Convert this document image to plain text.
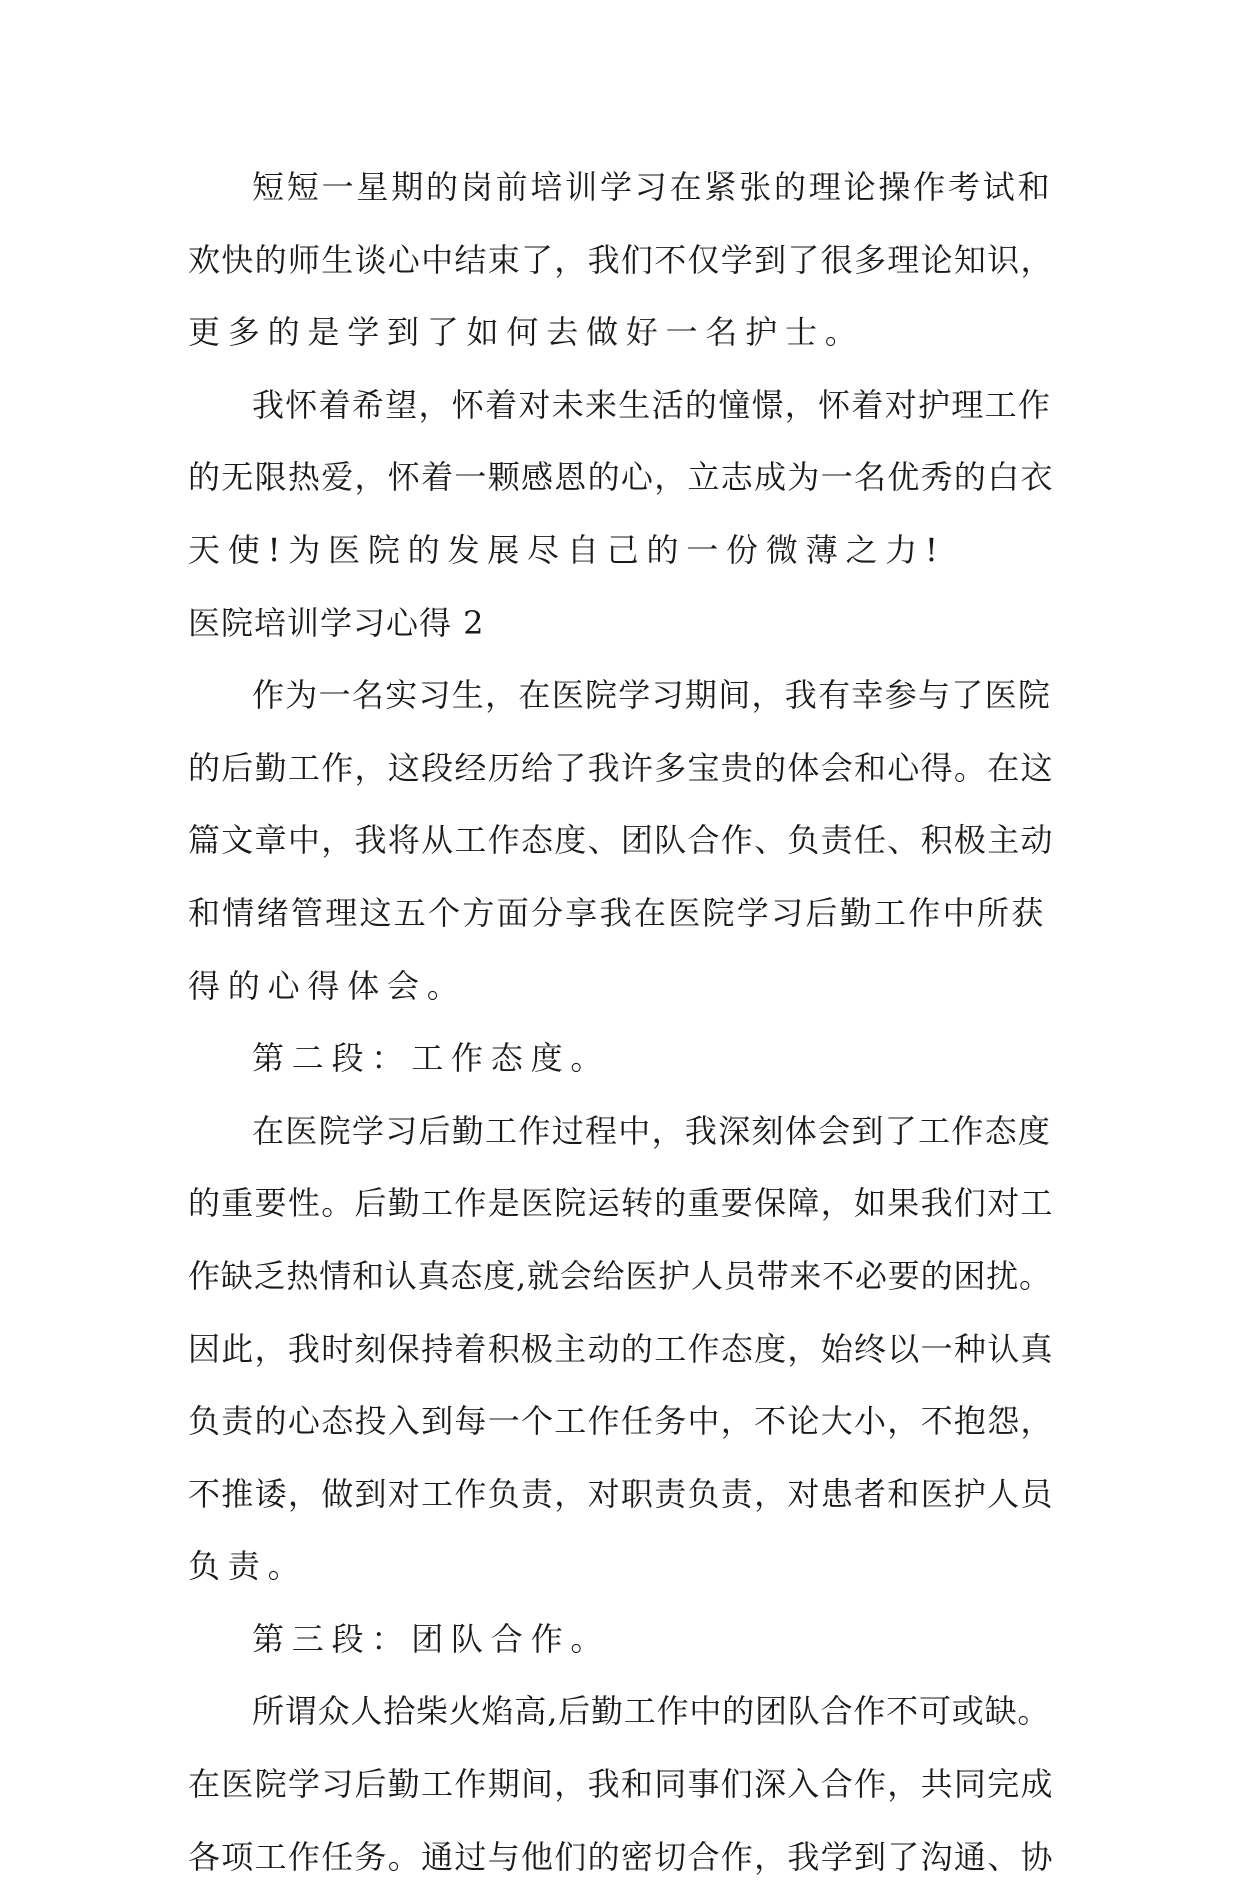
短短一星期的岗前培训学习在紧张的理论操作考试和

欢快的师生谈心中结束了，我们不仅学到了很多理论知识，

更多的是学到了如何去做好一名护士。

我怀着希望，怀着对未来生活的憧憬，怀着对护理工作

的无限热爱，怀着一颗感恩的心，立志成为一名优秀的白衣

天使!为医院的发展尽自己的一份微薄之力!

医院培训学习心得 2

作为一名实习生，在医院学习期间，我有幸参与了医院

的后勤工作，这段经历给了我许多宝贵的体会和心得。在这

篇文章中，我将从工作态度、团队合作、负责任、积极主动

和情绪管理这五个方面分享我在医院学习后勤工作中所获

得的心得体会。

第二段：工作态度。

在医院学习后勤工作过程中，我深刻体会到了工作态度

的重要性。后勤工作是医院运转的重要保障，如果我们对工

作缺乏热情和认真态度,就会给医护人员带来不必要的困扰。

因此，我时刻保持着积极主动的工作态度，始终以一种认真

负责的心态投入到每一个工作任务中，不论大小，不抱怨，

不推诿，做到对工作负责，对职责负责，对患者和医护人员

负责。

第三段：团队合作。

所谓众人拾柴火焰高,后勤工作中的团队合作不可或缺。

在医院学习后勤工作期间，我和同事们深入合作，共同完成

各项工作任务。通过与他们的密切合作，我学到了沟通、协
